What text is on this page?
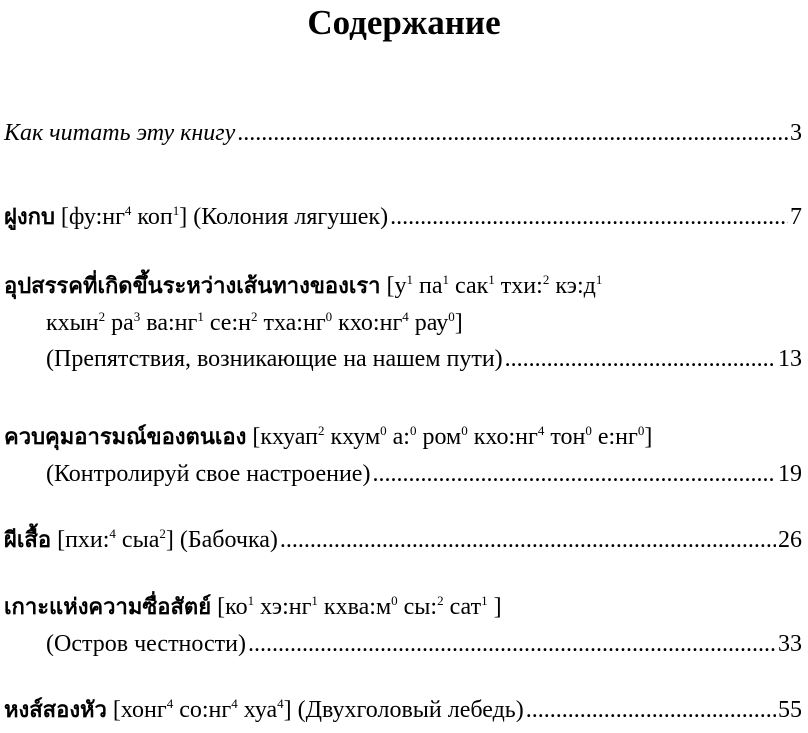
Содержание
Как читать эту книгу .....	3
ฝูงกบ
[$фу:нг^4$ коп$^1$]
(Колония лягушек) .....	7
อุปสรรคที่เกิดขึ้นระหว่างเส้นทางของเรา
[$у^1$ $па^1$ сак$^1$ тхи:$^2$ $кэ:д^1$
кхын$^2$ $ра^3$ $ва:нг^1$ $се:н^2$ $тха:нг^0$ $кхо:нг^4$ рау$^0$]
(Препятствия, возникающие на нашем пути) .....	13
ควบคุมอารมณ์ของตนเอง
[кхуап$^2$ кхум$^0$ а:$^0$ ром$^0$ $кхо:нг^4$ тон$^0$ $е:нг^0$]
(Контролируй свое настроение) .....	19
ผีเสื้อ
[пхи:$^4$ сыа$^2$]
(Бабочка) .....	26
เกาะแห่งความซื่อสัตย์
[$ко^1$ $хэ:нг^1$ $кхва:м^0$ сы:$^2$ сат$^1$ ]
(Остров честности) .....	33
หงส์สองหัว
[хонг$^4$ $со:нг^4$ хуа$^4$]
(Двухголовый лебедь) .....	55
